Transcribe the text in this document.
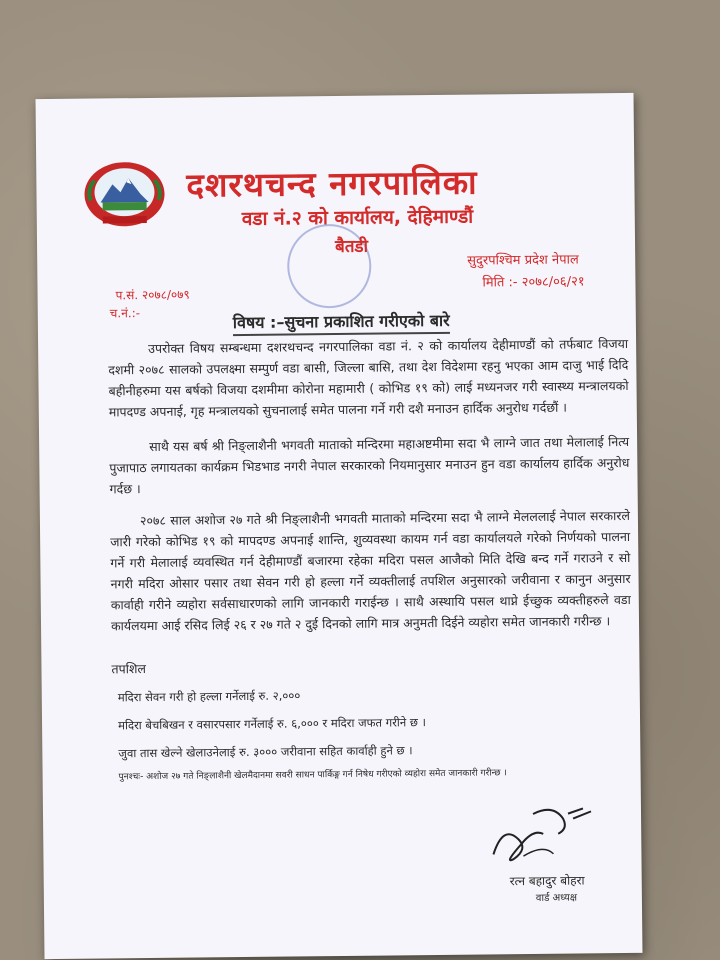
दशरथचन्द नगरपालिका
वडा नं.२ को कार्यालय, देहिमाण्डौं
बैतडी
सुदुरपश्चिम प्रदेश नेपाल
मिति :- २०७८/०६/२१
प.सं. २०७८/०७९
च.नं.:-	विषय :–सुचना प्रकाशित गरीएको बारे

उपरोक्त विषय सम्बन्धमा दशरथचन्द नगरपालिका वडा नं. २ को कार्यालय देहीमाण्डौं को तर्फबाट विजया दशमी २०७८ सालको उपलक्ष्मा सम्पुर्ण वडा बासी, जिल्ला बासि, तथा देश विदेशमा रहनु भएका आम दाजु भाई दिदि बहीनीहरुमा यस बर्षको विजया दशमीमा कोरोना महामारी ( कोभिड १९ को) लाई मध्यनजर गरी स्वास्थ्य मन्त्रालयको मापदण्ड अपनाई, गृह मन्त्रालयको सुचनालाई समेत पालना गर्ने गरी दशै मनाउन हार्दिक अनुरोध गर्दछौं ।

साथै यस बर्ष श्री निङ्लाशैनी भगवती माताको मन्दिरमा महाअष्टमीमा सदा भै लाग्ने जात तथा मेलालाई नित्य पुजापाठ लगायतका कार्यक्रम भिडभाड नगरी नेपाल सरकारको नियमानुसार मनाउन हुन वडा कार्यालय हार्दिक अनुरोध गर्दछ ।

२०७८ साल अशोज २७ गते श्री निङ्लाशैनी भगवती माताको मन्दिरमा सदा भै लाग्ने मेलललाई नेपाल सरकारले जारी गरेको कोभिड १९ को मापदण्ड अपनाई शान्ति, शुव्यवस्था कायम गर्न वडा कार्यालयले गरेको निर्णयको पालना गर्ने गरी मेलालाई व्यवस्थित गर्न देहीमाण्डौं बजारमा रहेका मदिरा पसल आजैको मिति देखि बन्द गर्ने गराउने र सो नगरी मदिरा ओसार पसार तथा सेवन गरी हो हल्ला गर्ने व्यक्तीलाई तपशिल अनुसारको जरीवाना र कानुन अनुसार कार्वाही गरीने व्यहोरा सर्वसाधारणको लागि जानकारी गराईन्छ । साथै अस्थायि पसल थाप्ने ईच्छुक व्यक्तीहरुले वडा कार्यलयमा आई रसिद लिई २६ र २७ गते २ दुई दिनको लागि मात्र अनुमती दिईने व्यहोरा समेत जानकारी गरीन्छ ।

तपशिल
मदिरा सेवन गरी हो हल्ला गर्नेलाई रु. २,०००
मदिरा बेचबिखन र वसारपसार गर्नेलाई रु. ६,००० र मदिरा जफत गरीने छ ।
जुवा तास खेल्ने खेलाउनेलाई रु. ३००० जरीवाना सहित कार्वाही हुने छ ।
पुनश्चः- अशोज २७ गते निङ्लाशैनी खेलमैदानमा सवरी साधन पार्किङ्ग गर्न निषेध गरीएको व्यहोरा समेत जानकारी गरीन्छ ।
रत्न बहादुर बोहरा
वार्ड अध्यक्ष
